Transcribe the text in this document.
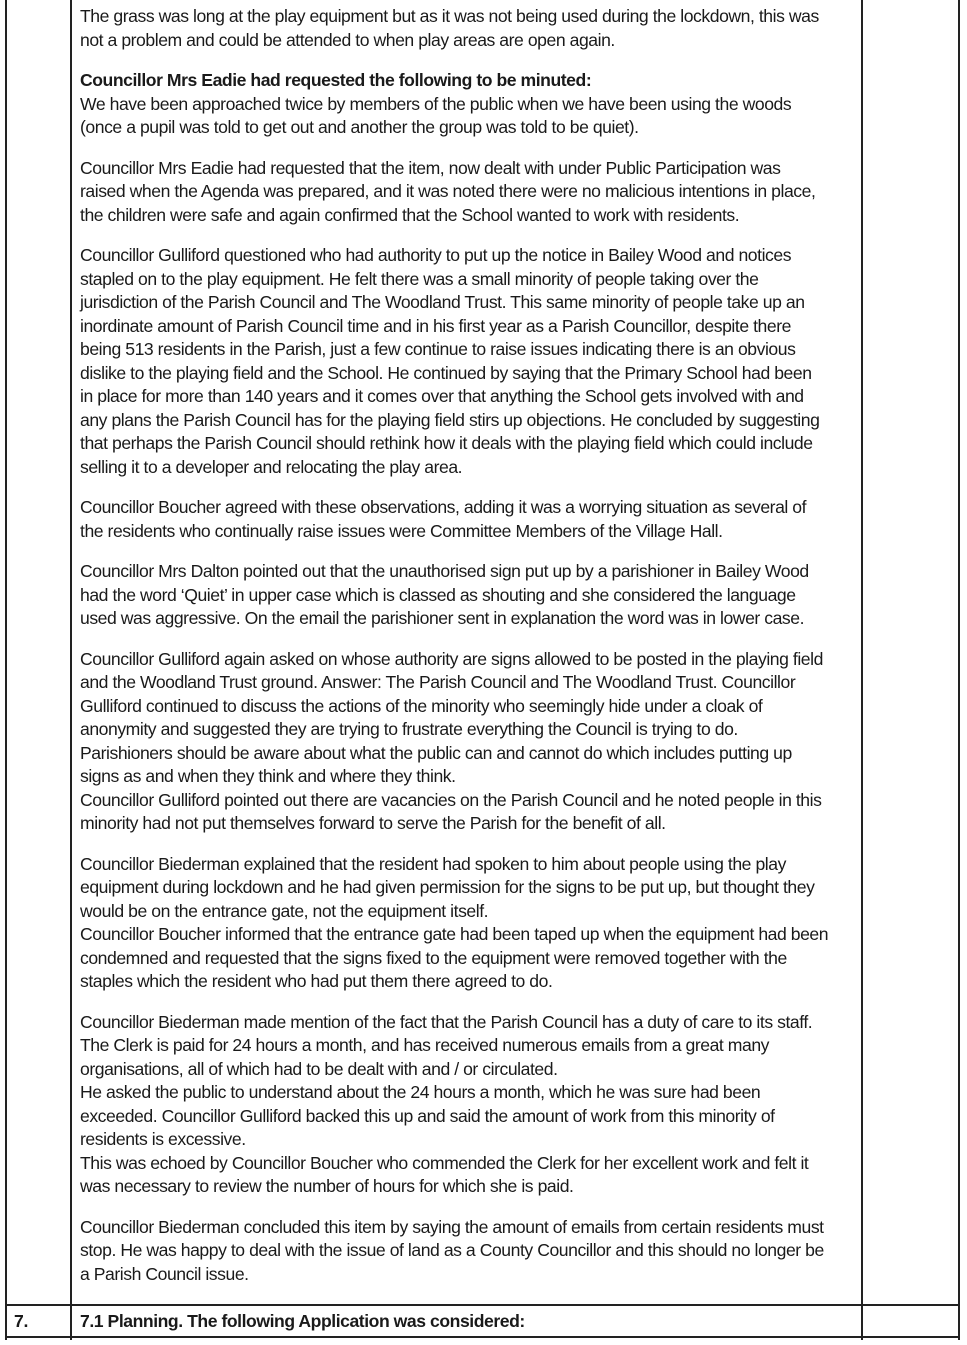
The grass was long at the play equipment but as it was not being used during the lockdown, this was
not a problem and could be attended to when play areas are open again.
Councillor Mrs Eadie had requested the following to be minuted:
We have been approached twice by members of the public when we have been using the woods
(once a pupil was told to get out and another the group was told to be quiet).
Councillor Mrs Eadie had requested that the item, now dealt with under Public Participation was
raised when the Agenda was prepared, and it was noted there were no malicious intentions in place,
the children were safe and again confirmed that the School wanted to work with residents.
Councillor Gulliford questioned who had authority to put up the notice in Bailey Wood and notices
stapled on to the play equipment. He felt there was a small minority of people taking over the
jurisdiction of the Parish Council and The Woodland Trust. This same minority of people take up an
inordinate amount of Parish Council time and in his first year as a Parish Councillor, despite there
being 513 residents in the Parish, just a few continue to raise issues indicating there is an obvious
dislike to the playing field and the School. He continued by saying that the Primary School had been
in place for more than 140 years and it comes over that anything the School gets involved with and
any plans the Parish Council has for the playing field stirs up objections. He concluded by suggesting
that perhaps the Parish Council should rethink how it deals with the playing field which could include
selling it to a developer and relocating the play area.
Councillor Boucher agreed with these observations, adding it was a worrying situation as several of
the residents who continually raise issues were Committee Members of the Village Hall.
Councillor Mrs Dalton pointed out that the unauthorised sign put up by a parishioner in Bailey Wood
had the word ‘Quiet’ in upper case which is classed as shouting and she considered the language
used was aggressive. On the email the parishioner sent in explanation the word was in lower case.
Councillor Gulliford again asked on whose authority are signs allowed to be posted in the playing field
and the Woodland Trust ground. Answer: The Parish Council and The Woodland Trust. Councillor
Gulliford continued to discuss the actions of the minority who seemingly hide under a cloak of
anonymity and suggested they are trying to frustrate everything the Council is trying to do.
Parishioners should be aware about what the public can and cannot do which includes putting up
signs as and when they think and where they think.
Councillor Gulliford pointed out there are vacancies on the Parish Council and he noted people in this
minority had not put themselves forward to serve the Parish for the benefit of all.
Councillor Biederman explained that the resident had spoken to him about people using the play
equipment during lockdown and he had given permission for the signs to be put up, but thought they
would be on the entrance gate, not the equipment itself.
Councillor Boucher informed that the entrance gate had been taped up when the equipment had been
condemned and requested that the signs fixed to the equipment were removed together with the
staples which the resident who had put them there agreed to do.
Councillor Biederman made mention of the fact that the Parish Council has a duty of care to its staff.
The Clerk is paid for 24 hours a month, and has received numerous emails from a great many
organisations, all of which had to be dealt with and / or circulated.
He asked the public to understand about the 24 hours a month, which he was sure had been
exceeded. Councillor Gulliford backed this up and said the amount of work from this minority of
residents is excessive.
This was echoed by Councillor Boucher who commended the Clerk for her excellent work and felt it
was necessary to review the number of hours for which she is paid.
Councillor Biederman concluded this item by saying the amount of emails from certain residents must
stop. He was happy to deal with the issue of land as a County Councillor and this should no longer be
a Parish Council issue.
7.	7.1 Planning. The following Application was considered:
